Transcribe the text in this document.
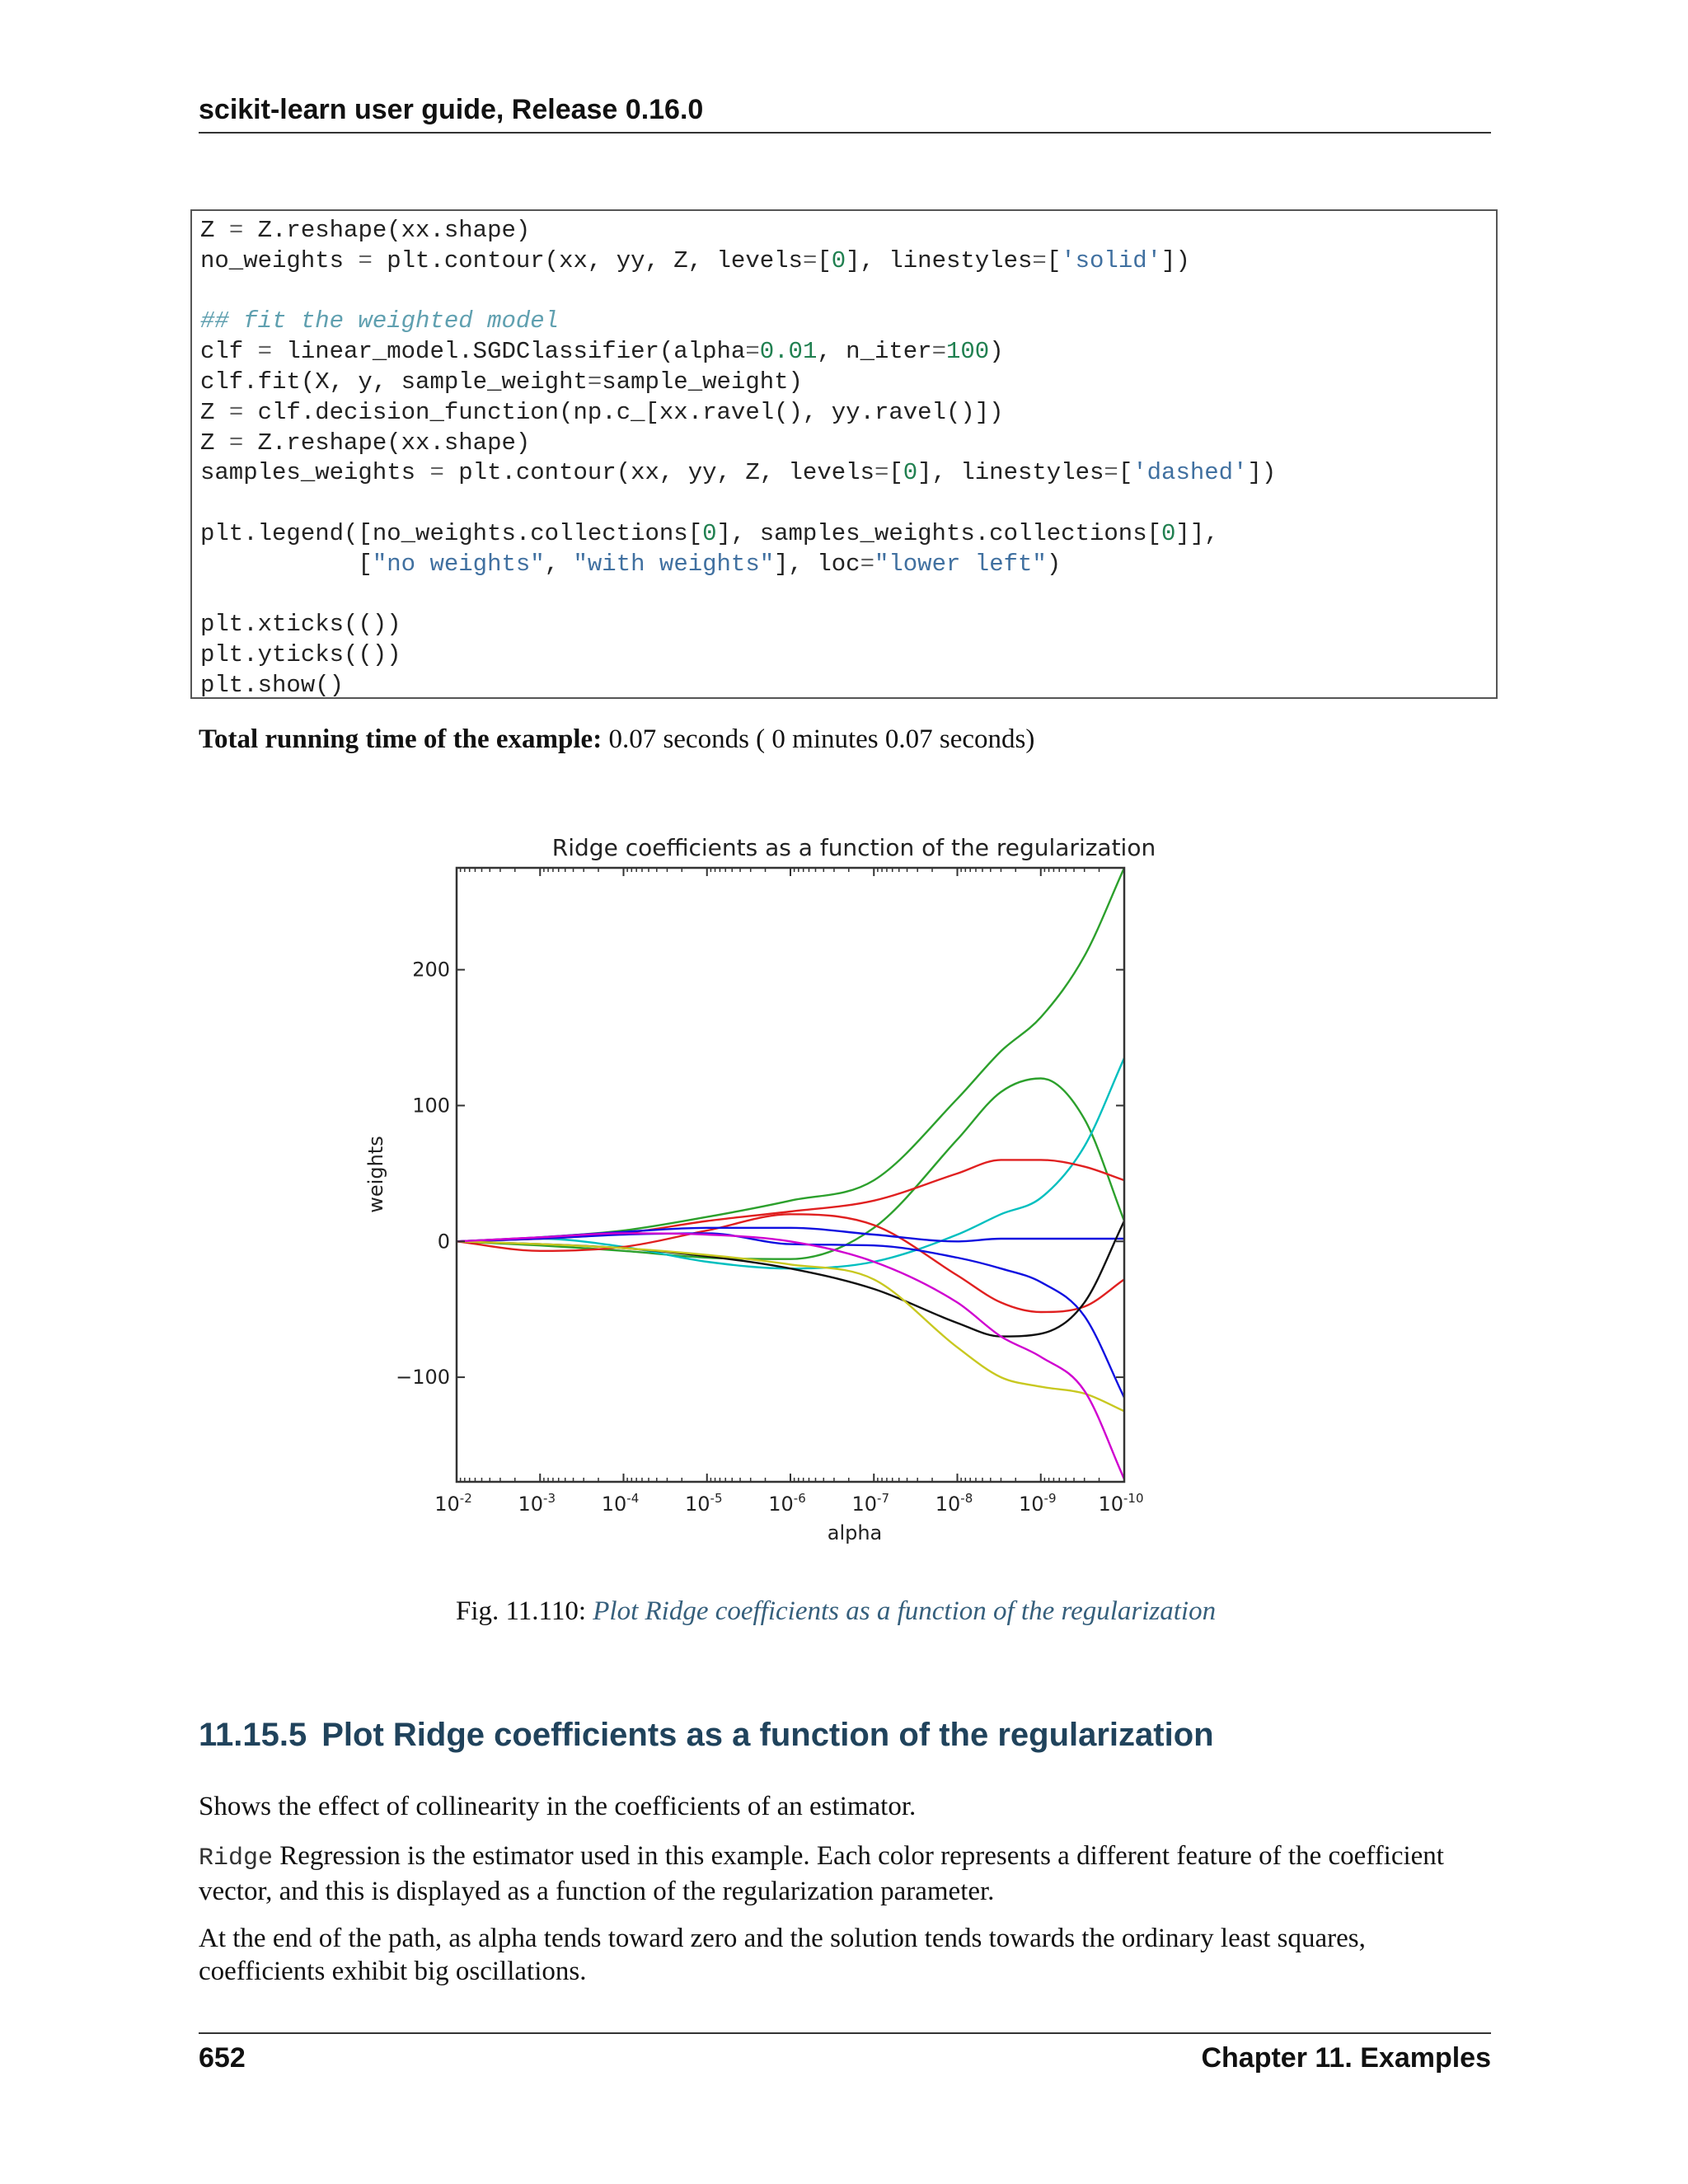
scikit-learn user guide, Release 0.16.0
Z = Z.reshape(xx.shape)
no_weights = plt.contour(xx, yy, Z, levels=[0], linestyles=['solid'])
## fit the weighted model
clf = linear_model.SGDClassifier(alpha=0.01, n_iter=100)
clf.fit(X, y, sample_weight=sample_weight)
Z = clf.decision_function(np.c_[xx.ravel(), yy.ravel()])
Z = Z.reshape(xx.shape)
samples_weights = plt.contour(xx, yy, Z, levels=[0], linestyles=['dashed'])
plt.legend([no_weights.collections[0], samples_weights.collections[0]],
["no weights", "with weights"], loc="lower left")
plt.xticks(())
plt.yticks(())
plt.show()
Total running time of the example: 0.07 seconds ( 0 minutes 0.07 seconds)
Ridge coefficients as a function of the regularization
alpha
weights
$10^{-2}$ $10^{-3}$ $10^{-4}$ $10^{-5}$ $10^{-6}$ $10^{-7}$ $10^{-8}$ $10^{-9}$ $10^{-10}$
200
100
0
−100
Fig. 11.110: Plot Ridge coefficients as a function of the regularization
11.15.5 Plot Ridge coefficients as a function of the regularization

Shows the effect of collinearity in the coefficients of an estimator.

Ridge Regression is the estimator used in this example. Each color represents a different feature of the coefficient vector, and this is displayed as a function of the regularization parameter.

At the end of the path, as alpha tends toward zero and the solution tends towards the ordinary least squares, coefficients exhibit big oscillations.

652	Chapter 11. Examples
